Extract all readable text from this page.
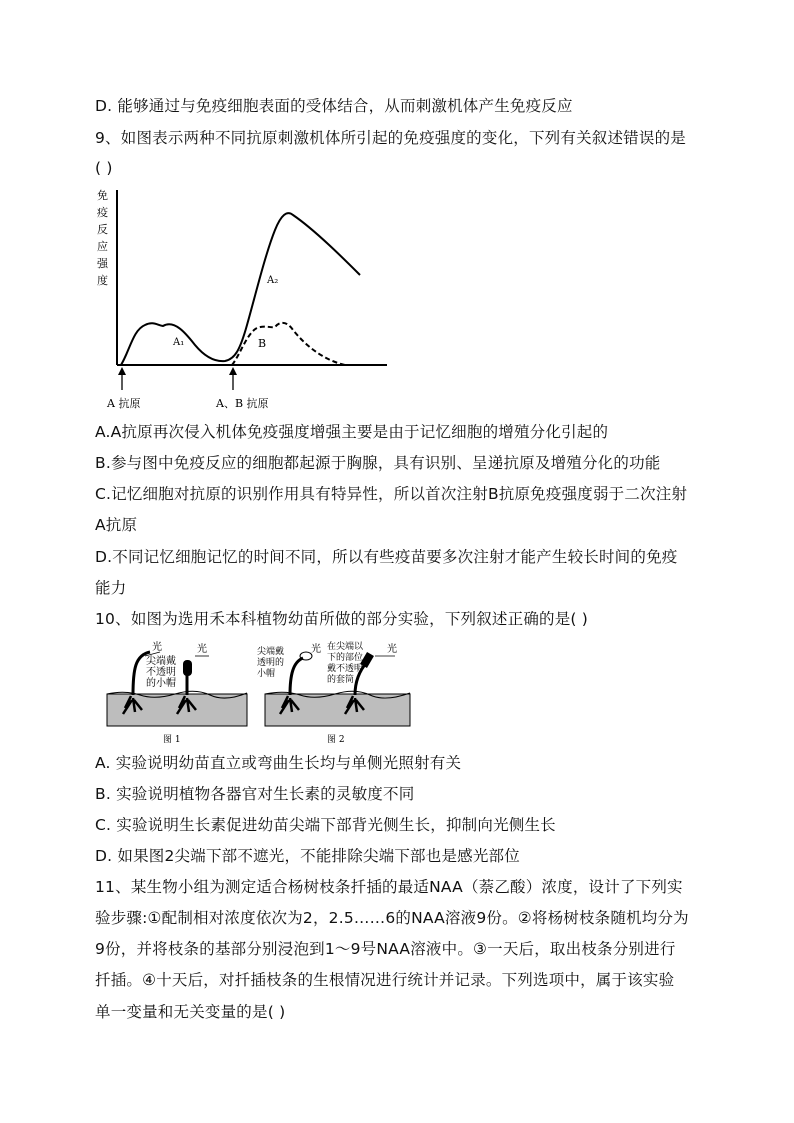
D. 能够通过与免疫细胞表面的受体结合，从而刺激机体产生免疫反应
9、如图表示两种不同抗原刺激机体所引起的免疫强度的变化，下列有关叙述错误的是
( )
免
疫
反
应
强
度
A₁
A₂
B
A 抗原	A、B 抗原
A.A抗原再次侵入机体免疫强度增强主要是由于记忆细胞的增殖分化引起的
B.参与图中免疫反应的细胞都起源于胸腺，具有识别、呈递抗原及增殖分化的功能
C.记忆细胞对抗原的识别作用具有特异性，所以首次注射B抗原免疫强度弱于二次注射
A抗原
D.不同记忆细胞记忆的时间不同，所以有些疫苗要多次注射才能产生较长时间的免疫
能力
10、如图为选用禾本科植物幼苗所做的部分实验，下列叙述正确的是( )
光
尖端戴
不透明
的小帽
光
图 1
尖端戴
透明的
小帽
光 在尖端以
下的部位
戴不透明
的套筒
光
图 2
A. 实验说明幼苗直立或弯曲生长均与单侧光照射有关
B. 实验说明植物各器官对生长素的灵敏度不同
C. 实验说明生长素促进幼苗尖端下部背光侧生长，抑制向光侧生长
D. 如果图2尖端下部不遮光，不能排除尖端下部也是感光部位
11、某生物小组为测定适合杨树枝条扦插的最适NAA（萘乙酸）浓度，设计了下列实
验步骤:①配制相对浓度依次为2，2.5……6的NAA溶液9份。②将杨树枝条随机均分为
9份，并将枝条的基部分别浸泡到1～9号NAA溶液中。③一天后，取出枝条分别进行
扦插。④十天后，对扦插枝条的生根情况进行统计并记录。下列选项中，属于该实验
单一变量和无关变量的是( )
